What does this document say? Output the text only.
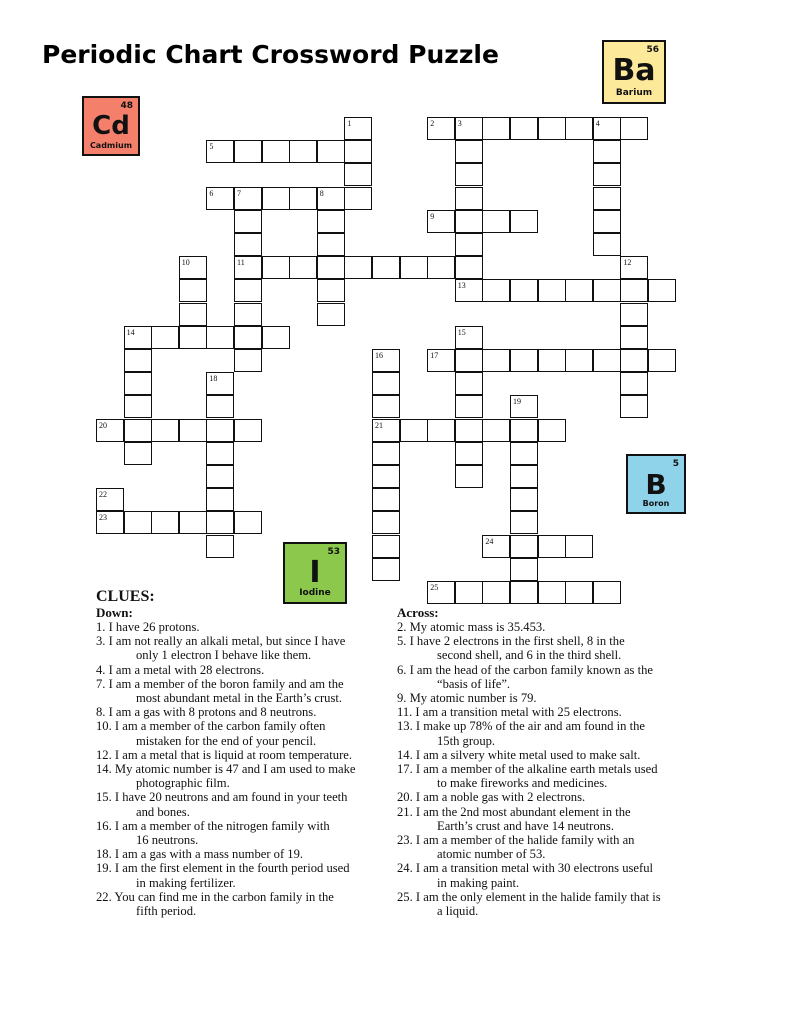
Periodic Chart Crossword Puzzle	56
Ba
Barium
48
Cd
Cadmium
5
B
Boron
53
I
Iodine
2	3	4
5
6	7	8
9
11
13
14
17
20	21
23
24
25
1
10	12
15
16
18
19
22
CLUES:
Down:
1. I have 26 protons.
3. I am not really an alkali metal, but since I have
only 1 electron I behave like them.
4. I am a metal with 28 electrons.
7. I am a member of the boron family and am the
most abundant metal in the Earth’s crust.
8. I am a gas with 8 protons and 8 neutrons.
10. I am a member of the carbon family often
mistaken for the end of your pencil.
12. I am a metal that is liquid at room temperature.
14. My atomic number is 47 and I am used to make
photographic film.
15. I have 20 neutrons and am found in your teeth
and bones.
16. I am a member of the nitrogen family with
16 neutrons.
18. I am a gas with a mass number of 19.
19. I am the first element in the fourth period used
in making fertilizer.
22. You can find me in the carbon family in the
fifth period.
Across:
2. My atomic mass is 35.453.
5. I have 2 electrons in the first shell, 8 in the
second shell, and 6 in the third shell.
6. I am the head of the carbon family known as the
“basis of life”.
9. My atomic number is 79.
11. I am a transition metal with 25 electrons.
13. I make up 78% of the air and am found in the
15th group.
14. I am a silvery white metal used to make salt.
17. I am a member of the alkaline earth metals used
to make fireworks and medicines.
20. I am a noble gas with 2 electrons.
21. I am the 2nd most abundant element in the
Earth’s crust and have 14 neutrons.
23. I am a member of the halide family with an
atomic number of 53.
24. I am a transition metal with 30 electrons useful
in making paint.
25. I am the only element in the halide family that is
a liquid.
